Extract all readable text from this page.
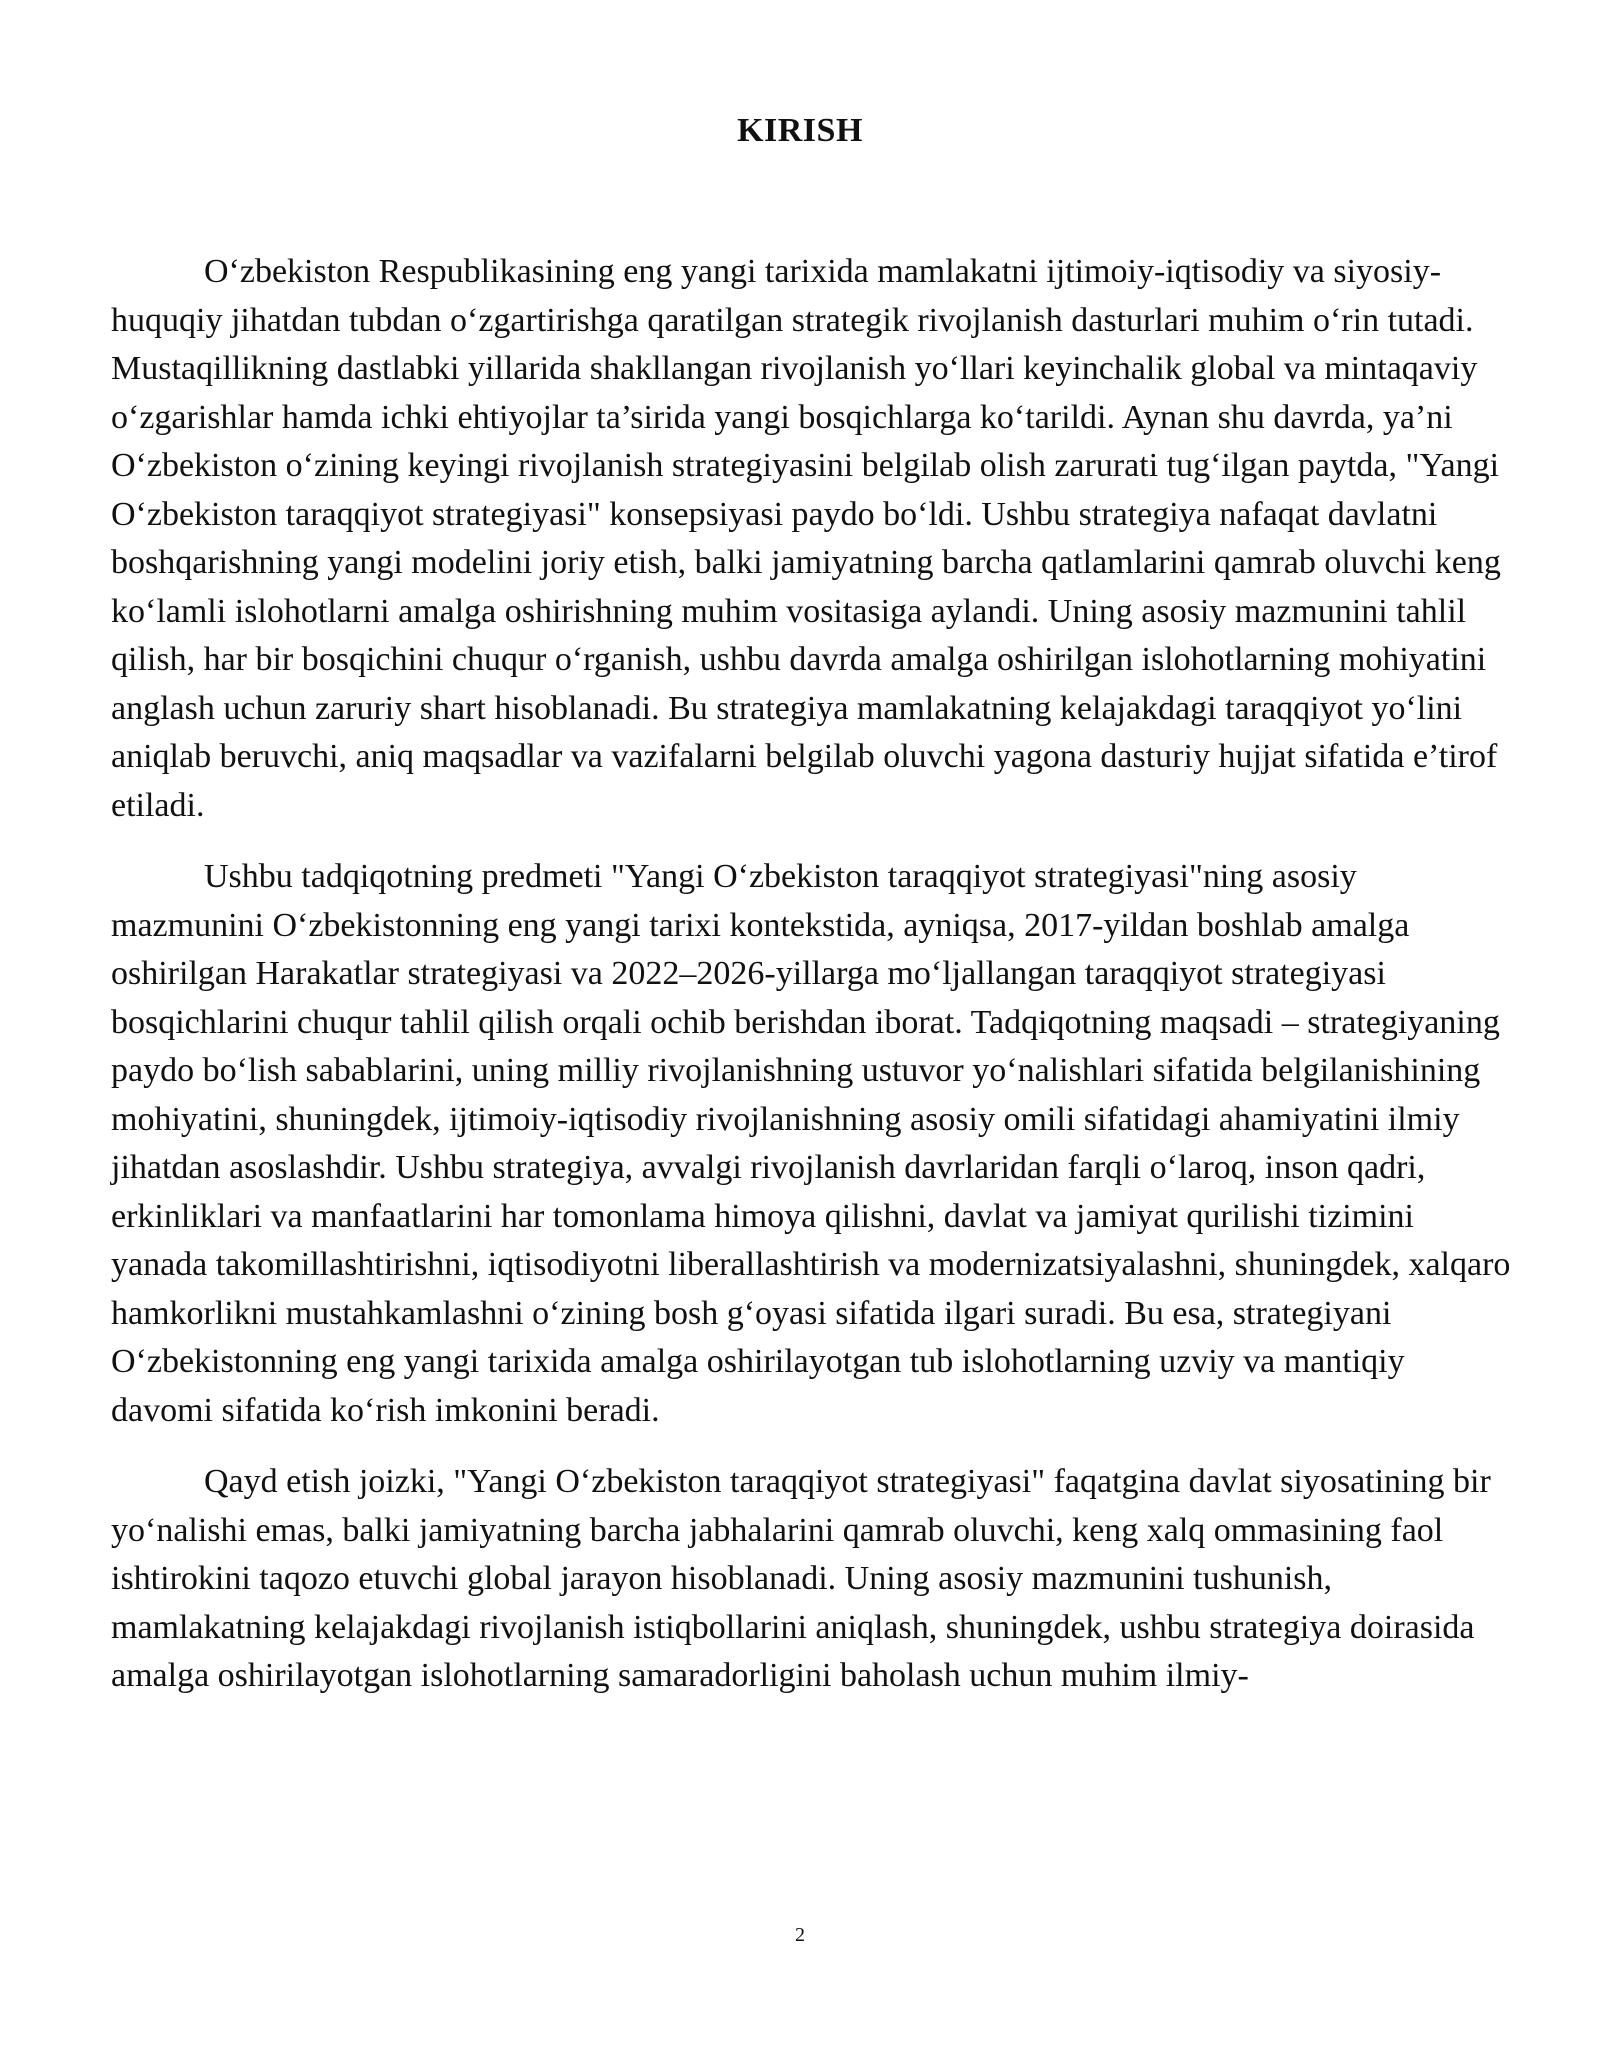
KIRISH

O‘zbekiston Respublikasining eng yangi tarixida mamlakatni ijtimoiy-iqtisodiy va siyosiy-huquqiy jihatdan tubdan o‘zgartirishga qaratilgan strategik rivojlanish dasturlari muhim o‘rin tutadi. Mustaqillikning dastlabki yillarida shakllangan rivojlanish yo‘llari keyinchalik global va mintaqaviy o‘zgarishlar hamda ichki ehtiyojlar ta’sirida yangi bosqichlarga ko‘tarildi. Aynan shu davrda, ya’ni O‘zbekiston o‘zining keyingi rivojlanish strategiyasini belgilab olish zarurati tug‘ilgan paytda, "Yangi O‘zbekiston taraqqiyot strategiyasi" konsepsiyasi paydo bo‘ldi. Ushbu strategiya nafaqat davlatni boshqarishning yangi modelini joriy etish, balki jamiyatning barcha qatlamlarini qamrab oluvchi keng ko‘lamli islohotlarni amalga oshirishning muhim vositasiga aylandi. Uning asosiy mazmunini tahlil qilish, har bir bosqichini chuqur o‘rganish, ushbu davrda amalga oshirilgan islohotlarning mohiyatini anglash uchun zaruriy shart hisoblanadi. Bu strategiya mamlakatning kelajakdagi taraqqiyot yo‘lini aniqlab beruvchi, aniq maqsadlar va vazifalarni belgilab oluvchi yagona dasturiy hujjat sifatida e’tirof etiladi.

Ushbu tadqiqotning predmeti "Yangi O‘zbekiston taraqqiyot strategiyasi"ning asosiy mazmunini O‘zbekistonning eng yangi tarixi kontekstida, ayniqsa, 2017-yildan boshlab amalga oshirilgan Harakatlar strategiyasi va 2022–2026-yillarga mo‘ljallangan taraqqiyot strategiyasi bosqichlarini chuqur tahlil qilish orqali ochib berishdan iborat. Tadqiqotning maqsadi – strategiyaning paydo bo‘lish sabablarini, uning milliy rivojlanishning ustuvor yo‘nalishlari sifatida belgilanishining mohiyatini, shuningdek, ijtimoiy-iqtisodiy rivojlanishning asosiy omili sifatidagi ahamiyatini ilmiy jihatdan asoslashdir. Ushbu strategiya, avvalgi rivojlanish davrlaridan farqli o‘laroq, inson qadri, erkinliklari va manfaatlarini har tomonlama himoya qilishni, davlat va jamiyat qurilishi tizimini yanada takomillashtirishni, iqtisodiyotni liberallashtirish va modernizatsiyalashni, shuningdek, xalqaro hamkorlikni mustahkamlashni o‘zining bosh g‘oyasi sifatida ilgari suradi. Bu esa, strategiyani O‘zbekistonning eng yangi tarixida amalga oshirilayotgan tub islohotlarning uzviy va mantiqiy davomi sifatida ko‘rish imkonini beradi.

Qayd etish joizki, "Yangi O‘zbekiston taraqqiyot strategiyasi" faqatgina davlat siyosatining bir yo‘nalishi emas, balki jamiyatning barcha jabhalarini qamrab oluvchi, keng xalq ommasining faol ishtirokini taqozo etuvchi global jarayon hisoblanadi. Uning asosiy mazmunini tushunish, mamlakatning kelajakdagi rivojlanish istiqbollarini aniqlash, shuningdek, ushbu strategiya doirasida amalga oshirilayotgan islohotlarning samaradorligini baholash uchun muhim ilmiy-

2
